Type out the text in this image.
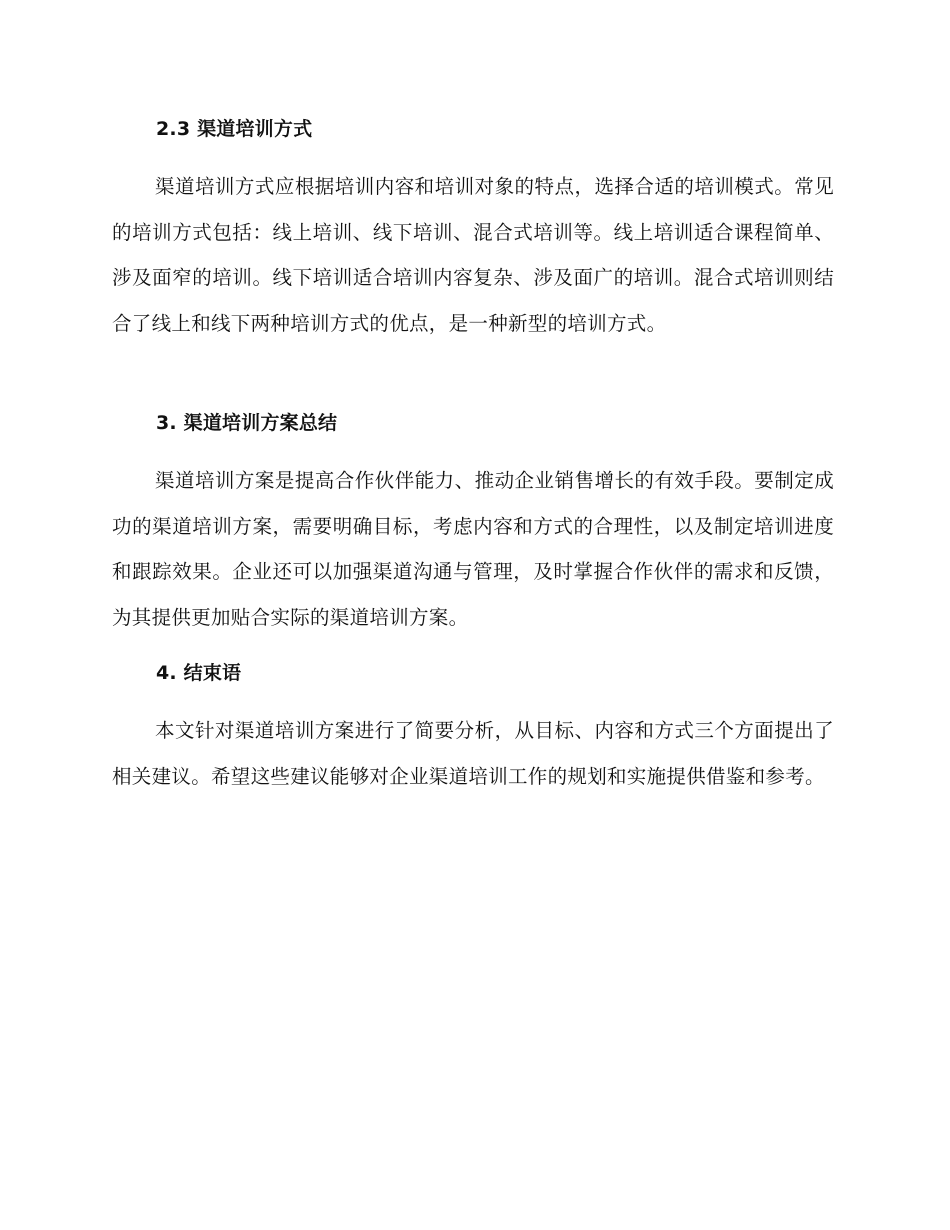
2.3 渠道培训方式

渠道培训方式应根据培训内容和培训对象的特点，选择合适的培训模式。常见的培训方式包括：线上培训、线下培训、混合式培训等。线上培训适合课程简单、涉及面窄的培训。线下培训适合培训内容复杂、涉及面广的培训。混合式培训则结合了线上和线下两种培训方式的优点，是一种新型的培训方式。

3. 渠道培训方案总结

渠道培训方案是提高合作伙伴能力、推动企业销售增长的有效手段。要制定成功的渠道培训方案，需要明确目标，考虑内容和方式的合理性，以及制定培训进度和跟踪效果。企业还可以加强渠道沟通与管理，及时掌握合作伙伴的需求和反馈，为其提供更加贴合实际的渠道培训方案。

4. 结束语

本文针对渠道培训方案进行了简要分析，从目标、内容和方式三个方面提出了相关建议。希望这些建议能够对企业渠道培训工作的规划和实施提供借鉴和参考。
